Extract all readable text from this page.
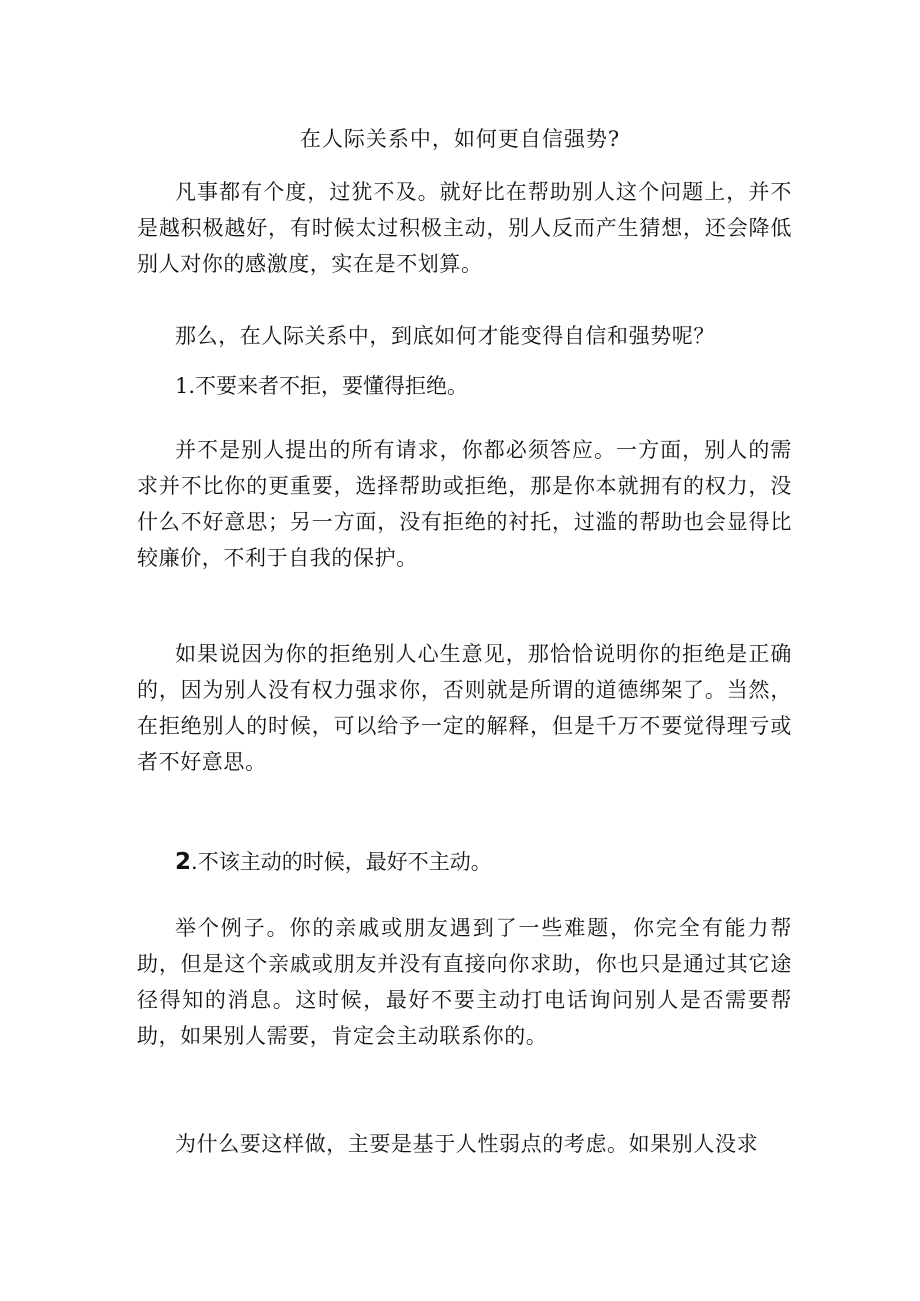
在人际关系中，如何更自信强势?
凡事都有个度，过犹不及。就好比在帮助别人这个问题上，并不是越积极越好，有时候太过积极主动，别人反而产生猜想，还会降低别人对你的感激度，实在是不划算。
那么，在人际关系中，到底如何才能变得自信和强势呢？
1.不要来者不拒，要懂得拒绝。
并不是别人提出的所有请求，你都必须答应。一方面，别人的需求并不比你的更重要，选择帮助或拒绝，那是你本就拥有的权力，没什么不好意思；另一方面，没有拒绝的衬托，过滥的帮助也会显得比较廉价，不利于自我的保护。
如果说因为你的拒绝别人心生意见，那恰恰说明你的拒绝是正确的，因为别人没有权力强求你，否则就是所谓的道德绑架了。当然，在拒绝别人的时候，可以给予一定的解释，但是千万不要觉得理亏或者不好意思。
2.不该主动的时候，最好不主动。
举个例子。你的亲戚或朋友遇到了一些难题，你完全有能力帮助，但是这个亲戚或朋友并没有直接向你求助，你也只是通过其它途径得知的消息。这时候，最好不要主动打电话询问别人是否需要帮助，如果别人需要，肯定会主动联系你的。
为什么要这样做，主要是基于人性弱点的考虑。如果别人没求
